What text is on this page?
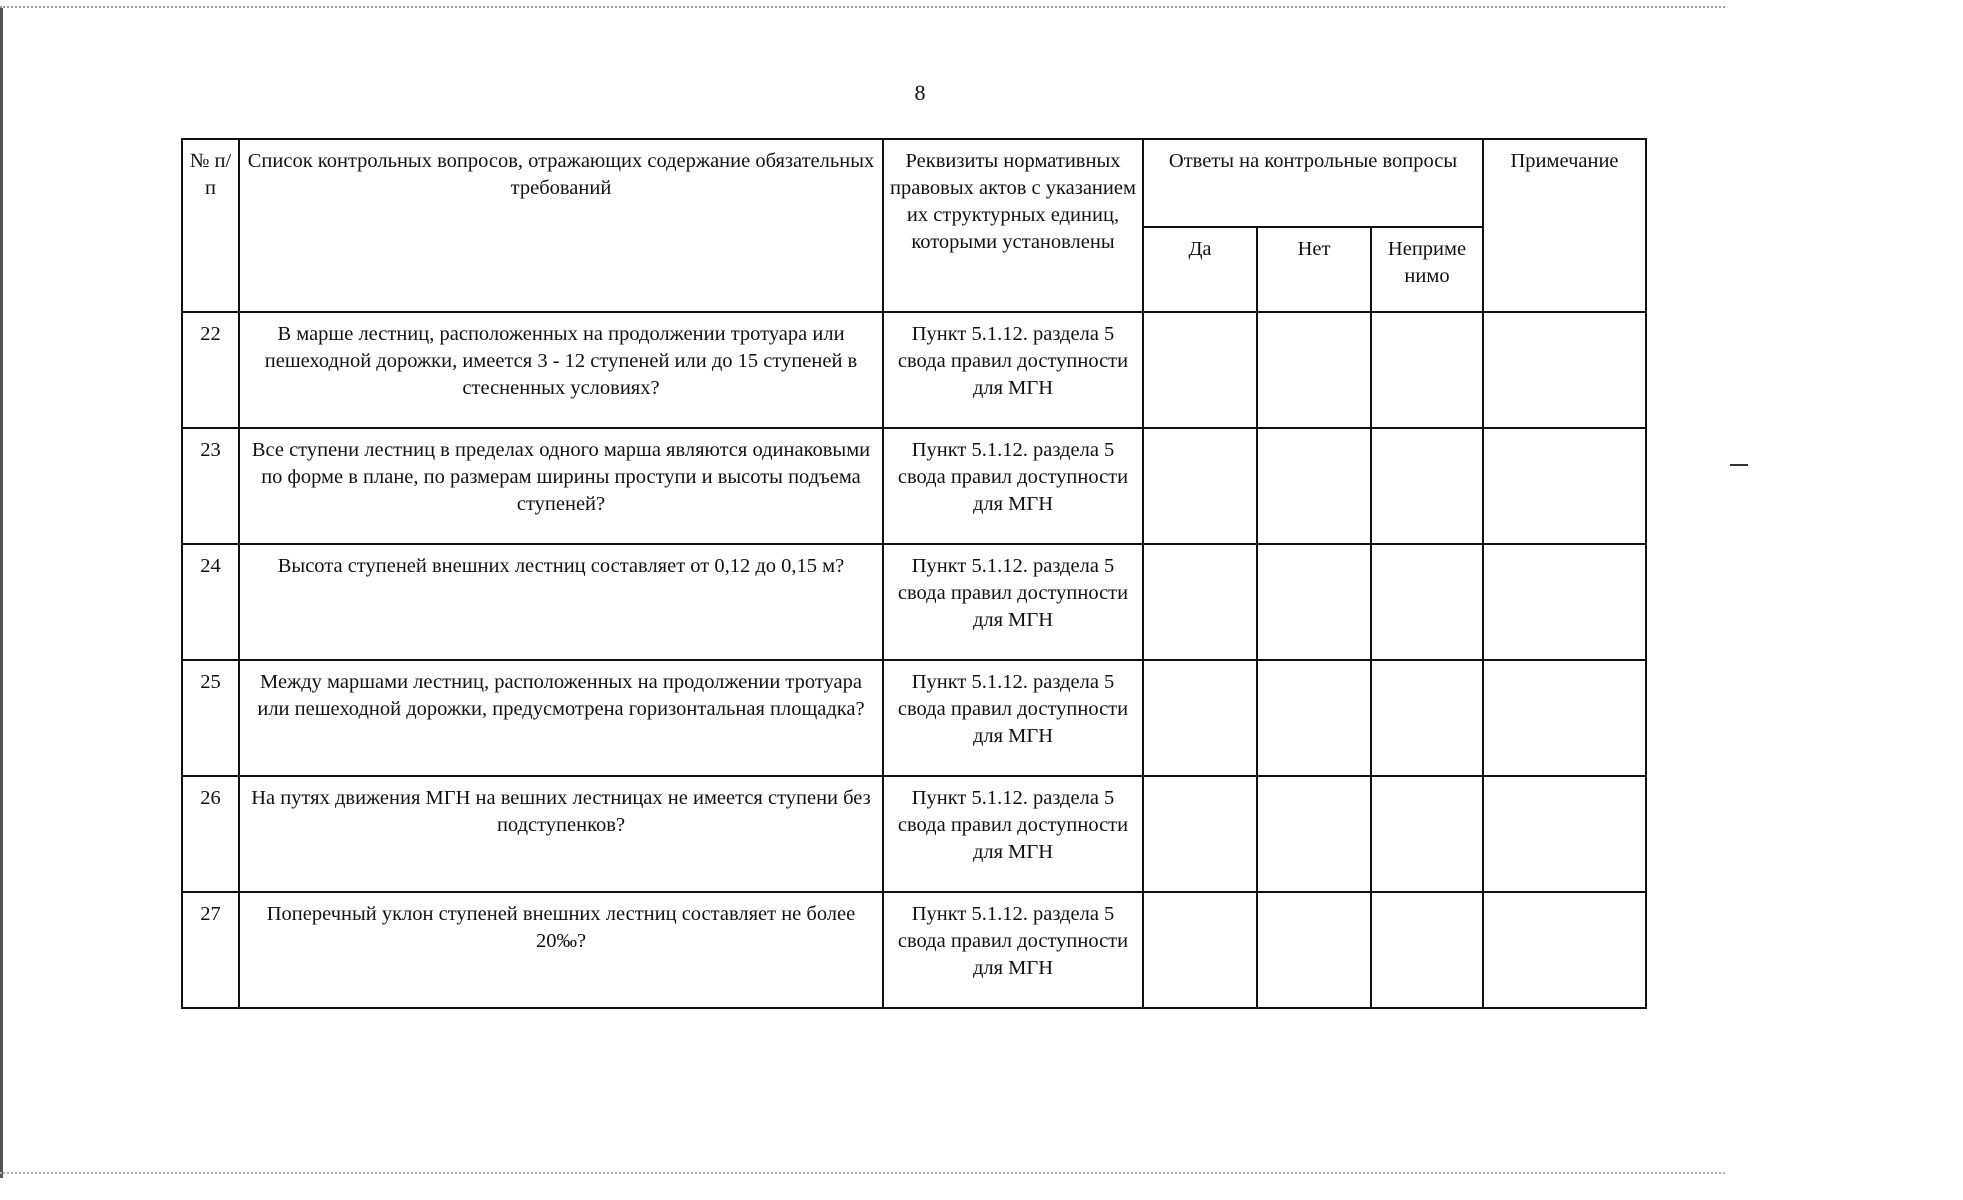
8
№ п/п	Список контрольных вопросов, отражающих содержание обязательных требований	Реквизиты нормативных правовых актов с указанием их структурных единиц, которыми установлены	Ответы на контрольные вопросы			Примечание
			Да	Нет	Неприме нимо	
22	В марше лестниц, расположенных на продолжении тротуара или пешеходной дорожки, имеется 3 - 12 ступеней или до 15 ступеней в стесненных условиях?	Пункт 5.1.12. раздела 5 свода правил доступности для МГН				
23	Все ступени лестниц в пределах одного марша являются одинаковыми по форме в плане, по размерам ширины проступи и высоты подъема ступеней?	Пункт 5.1.12. раздела 5 свода правил доступности для МГН				
24	Высота ступеней внешних лестниц составляет от 0,12 до 0,15 м?	Пункт 5.1.12. раздела 5 свода правил доступности для МГН				
25	Между маршами лестниц, расположенных на продолжении тротуара или пешеходной дорожки, предусмотрена горизонтальная площадка?	Пункт 5.1.12. раздела 5 свода правил доступности для МГН				
26	На путях движения МГН на вешних лестницах не имеется ступени без подступенков?	Пункт 5.1.12. раздела 5 свода правил доступности для МГН				
27	Поперечный уклон ступеней внешних лестниц составляет не более 20‰?	Пункт 5.1.12. раздела 5 свода правил доступности для МГН				
